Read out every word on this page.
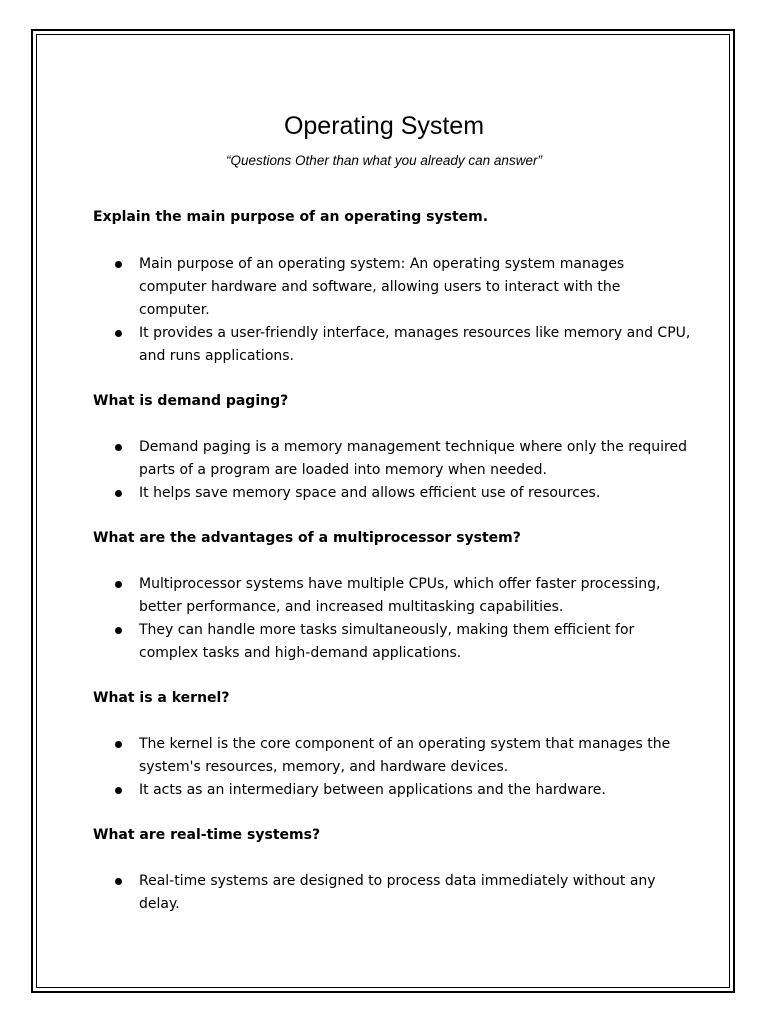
Operating System
“Questions Other than what you already can answer”
Explain the main purpose of an operating system.
Main purpose of an operating system: An operating system manages computer hardware and software, allowing users to interact with the computer.
It provides a user-friendly interface, manages resources like memory and CPU, and runs applications.
What is demand paging?
Demand paging is a memory management technique where only the required parts of a program are loaded into memory when needed.
It helps save memory space and allows efficient use of resources.
What are the advantages of a multiprocessor system?
Multiprocessor systems have multiple CPUs, which offer faster processing, better performance, and increased multitasking capabilities.
They can handle more tasks simultaneously, making them efficient for complex tasks and high-demand applications.
What is a kernel?
The kernel is the core component of an operating system that manages the system's resources, memory, and hardware devices.
It acts as an intermediary between applications and the hardware.
What are real-time systems?
Real-time systems are designed to process data immediately without any delay.
